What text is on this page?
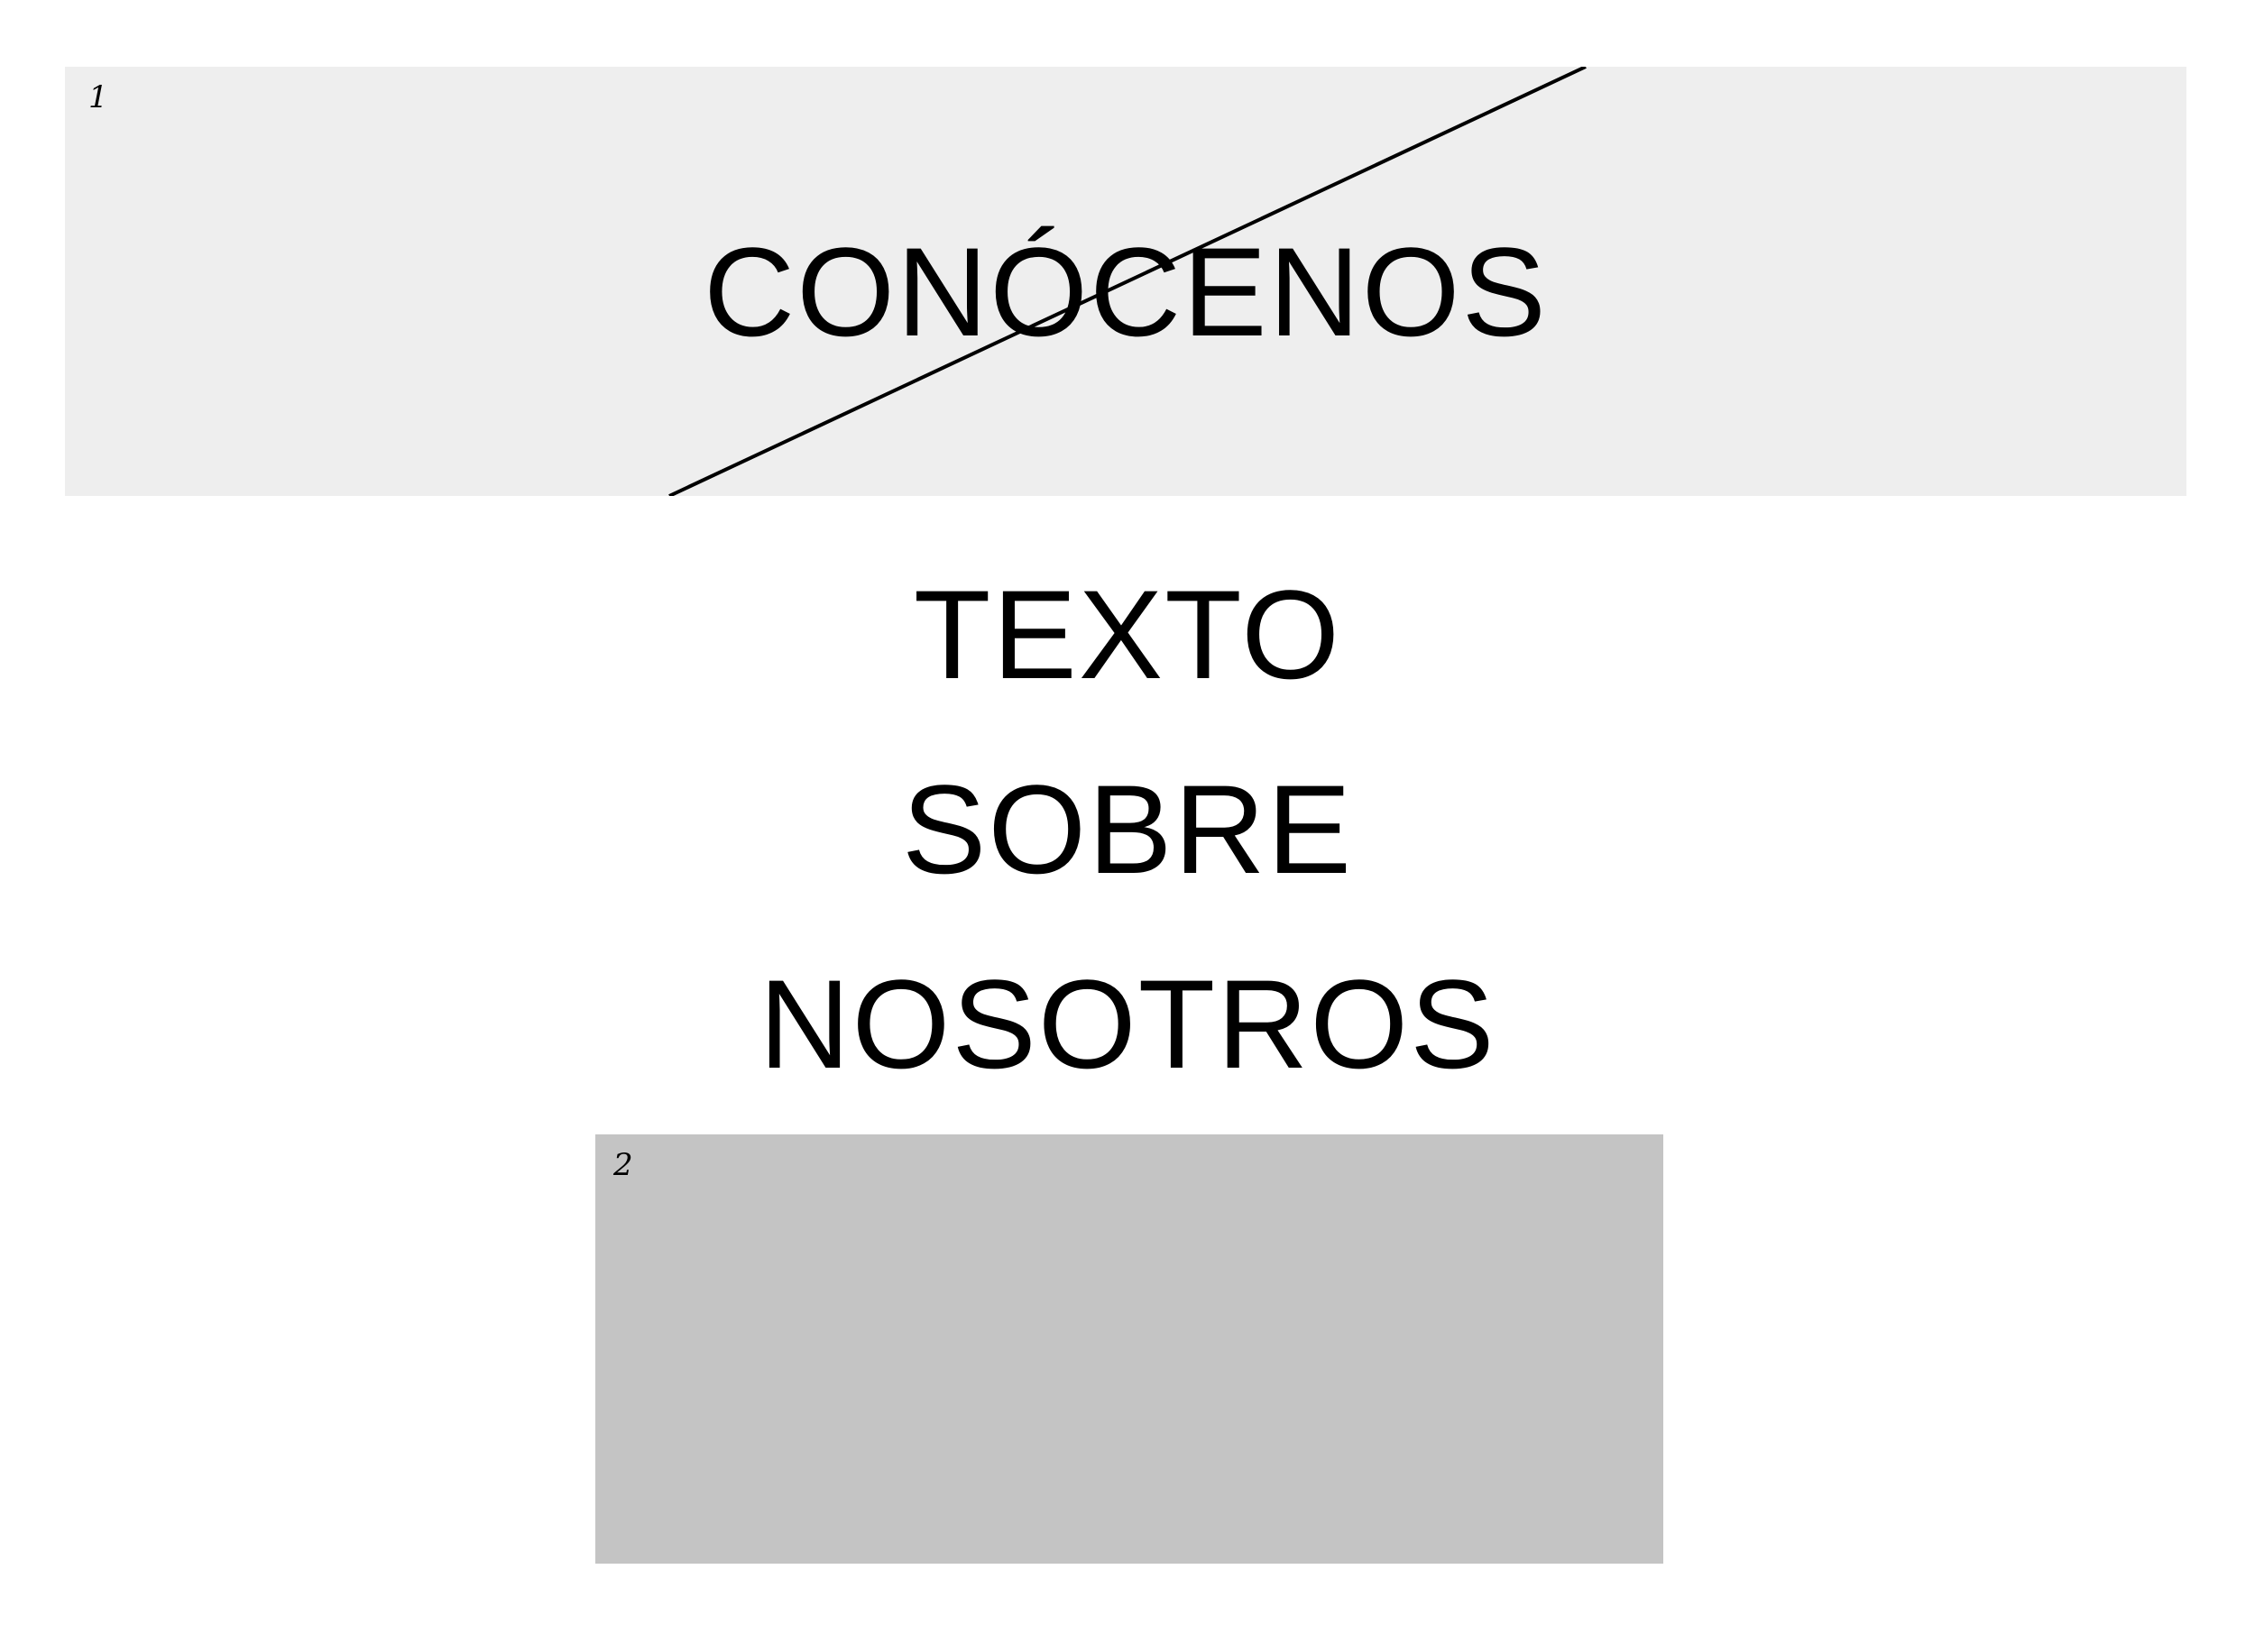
1
CONÓCENOS
TEXTO
SOBRE
NOSOTROS
2
